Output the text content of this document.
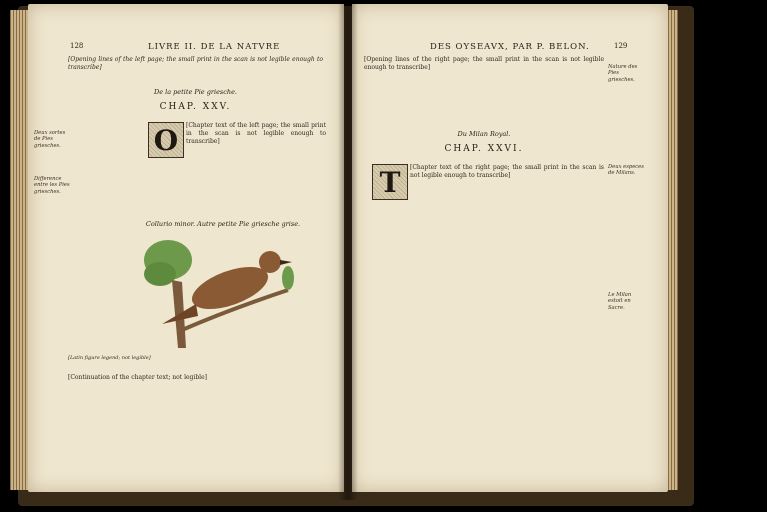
128	LIVRE II. DE LA NATVRE
[Opening lines of the left page; the small print in the scan is not legible enough to transcribe]
De la petite Pie griesche.
CHAP. XXV.
O	[Chapter text of the left page; the small print in the scan is not legible enough to transcribe]
Deux sortes de Pies griesches.
Difference entre les Pies griesches.
Collurio minor. Autre petite Pie griesche grise.
[Latin figure legend; not legible]
[Continuation of the chapter text; not legible]
DES OYSEAVX, PAR P. BELON.	129
[Opening lines of the right page; the small print in the scan is not legible enough to transcribe]	Nature des Pies griesches.
Du Milan Royal.
CHAP. XXVI.
T	[Chapter text of the right page; the small print in the scan is not legible enough to transcribe]
Deux especes de Milans.
Le Milan estoit en Sacre.
